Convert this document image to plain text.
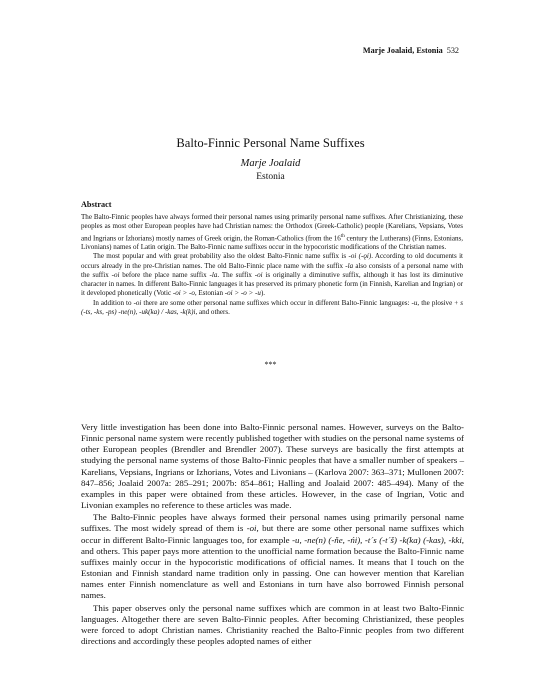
Marje Joalaid, Estonia 532
Balto-Finnic Personal Name Suffixes
Marje Joalaid
Estonia
Abstract

The Balto-Finnic peoples have always formed their personal names using primarily personal name suffixes. After Christianizing, these peoples as most other European peoples have had Christian names: the Orthodox (Greek-Catholic) people (Karelians, Vepsians, Votes and Ingrians or Izhorians) mostly names of Greek origin, the Roman-Catholics (from the 16th century the Lutherans) (Finns, Estonians, Livonians) names of Latin origin. The Balto-Finnic name suffixes occur in the hypocoristic modifications of the Christian names.

The most popular and with great probability also the oldest Balto-Finnic name suffix is -oi (-ǫi). According to old documents it occurs already in the pre-Christian names. The old Balto-Finnic place name with the suffix -la also consists of a personal name with the suffix -oi before the place name suffix -la. The suffix -oi is originally a diminutive suffix, although it has lost its diminutive character in names. In different Balto-Finnic languages it has preserved its primary phonetic form (in Finnish, Karelian and Ingrian) or it developed phonetically (Votic -oi > -o, Estonian -oi > -o > -u).

In addition to -oi there are some other personal name suffixes which occur in different Balto-Finnic languages: -u, the plosive + s (-ts, -ks, -ps) -ne(n), -uk(ka) / -kas, -k(k)i, and others.

***

Very little investigation has been done into Balto-Finnic personal names. However, surveys on the Balto-Finnic personal name system were recently published together with studies on the personal name systems of other European peoples (Brendler and Brendler 2007). These surveys are basically the first attempts at studying the personal name systems of those Balto-Finnic peoples that have a smaller number of speakers – Karelians, Vepsians, Ingrians or Izhorians, Votes and Livonians – (Karlova 2007: 363–371; Mullonen 2007: 847–856; Joalaid 2007a: 285–291; 2007b: 854–861; Halling and Joalaid 2007: 485–494). Many of the examples in this paper were obtained from these articles. However, in the case of Ingrian, Votic and Livonian examples no reference to these articles was made.

The Balto-Finnic peoples have always formed their personal names using primarily personal name suffixes. The most widely spread of them is -oi, but there are some other personal name suffixes which occur in different Balto-Finnic languages too, for example -u, -ne(n) (-ňe, -ńi), -t´s (-t´š) -k(ka) (-kas), -kki, and others. This paper pays more attention to the unofficial name formation because the Balto-Finnic name suffixes mainly occur in the hypocoristic modifications of official names. It means that I touch on the Estonian and Finnish standard name tradition only in passing. One can however mention that Karelian names enter Finnish nomenclature as well and Estonians in turn have also borrowed Finnish personal names.

This paper observes only the personal name suffixes which are common in at least two Balto-Finnic languages. Altogether there are seven Balto-Finnic peoples. After becoming Christianized, these peoples were forced to adopt Christian names. Christianity reached the Balto-Finnic peoples from two different directions and accordingly these peoples adopted names of either
